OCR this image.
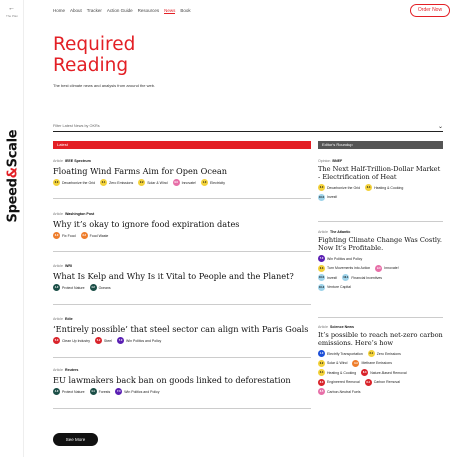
←
The Plan
Speed&Scale
Home About Tracker Action Guide Resources News Book	Order Now
Required
Reading
The best climate news and analysis from around the web.
Filter Latest News by OKRs	⌄
Latest	Editor's Roundup
Article IEEE Spectrum
Floating Wind Farms Aim for Open Ocean
2.0	Decarbonize the Grid	2.1	Zero Emissions	2.2	Solar & Wind	9.0	Innovate!	1.0	Electricity
Article Washington Post
Why it’s okay to ignore food expiration dates
3.0	Fix Food	3.3	Food Waste
Article WRI
What Is Kelp and Why Is it Vital to People and the Planet?
4.0	Protect Nature	4.2	Oceans
Article Edie
‘Entirely possible’ that steel sector can align with Paris Goals
5.0	Clean Up Industry	5.2	Steel	7.0	Win Politics and Policy
Article Reuters
EU lawmakers back ban on goods linked to deforestation
4.0	Protect Nature	4.1	Forests	7.0	Win Politics and Policy
Opinion BNEF
The Next Half-Trillion-Dollar Market - Electrification of Heat
2.0	Decarbonize the Grid	2.4	Heating & Cooking
10.0 Invest!
Article The Atlantic
Fighting Climate Change Was Costly. Now It’s Profitable.
7.0	Win Politics and Policy
2.3	Turn Movements into Action	9.0	Innovate!
10.0 Invest!	10.1 Financial Incentives
10.3 Venture Capital
Article Science News
It’s possible to reach net-zero carbon emissions. Here’s how
1.0	Electrify Transportation	2.1	Zero Emissions
2.2	Solar & Wind	3.3	Methane Emissions
2.4	Heating & Cooking	8.3	Nature-Based Removal
8.0	Engineered Removal	8.4	Carbon Removal
8.5	Carbon-Neutral Fuels
See More
